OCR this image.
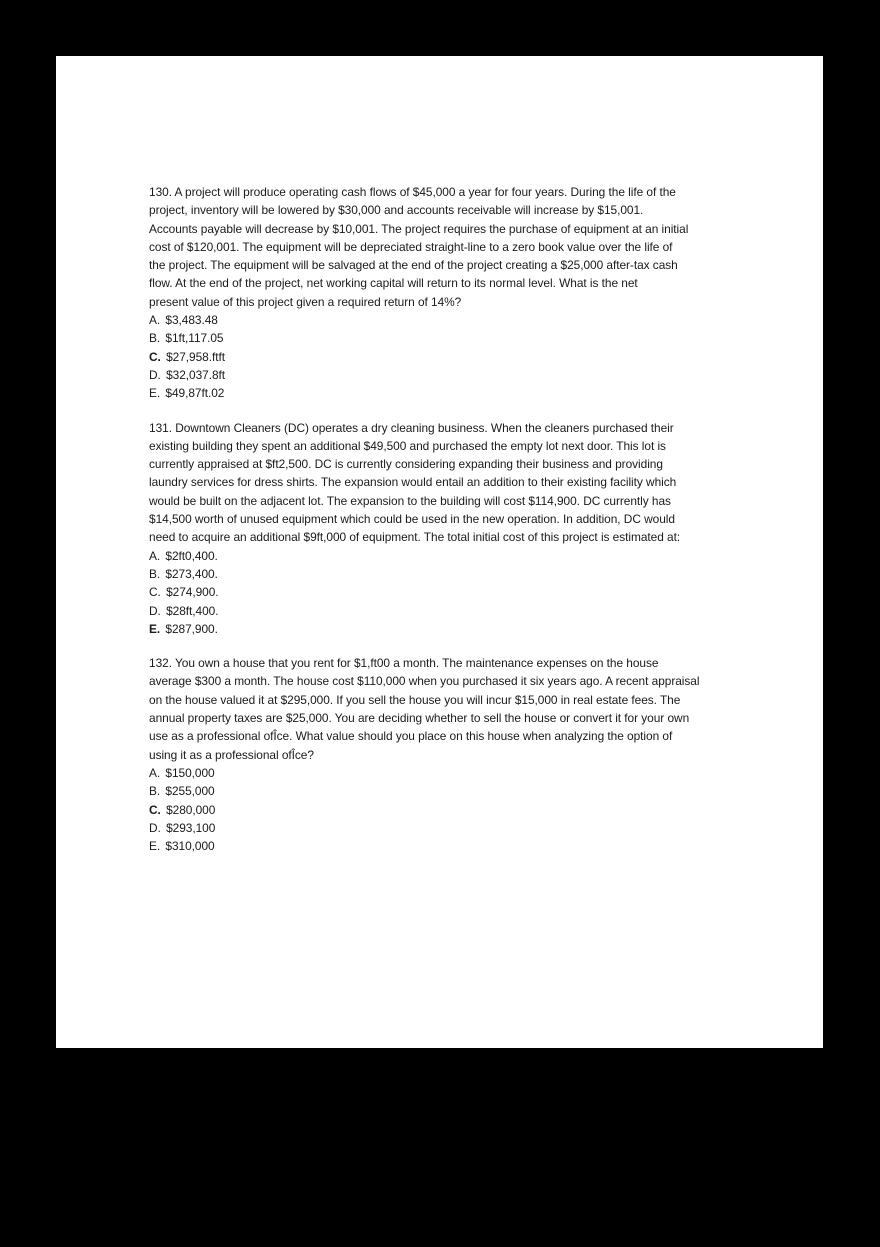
130. A project will produce operating cash flows of $45,000 a year for four years. During the life of the
project, inventory will be lowered by $30,000 and accounts receivable will increase by $15,001.
Accounts payable will decrease by $10,001. The project requires the purchase of equipment at an initial
cost of $120,001. The equipment will be depreciated straight-line to a zero book value over the life of
the project. The equipment will be salvaged at the end of the project creating a $25,000 after-tax cash
flow. At the end of the project, net working capital will return to its normal level. What is the net
present value of this project given a required return of 14%?
A. $3,483.48
B. $1ft,117.05
C. $27,958.ftft
D. $32,037.8ft
E. $49,87ft.02
131. Downtown Cleaners (DC) operates a dry cleaning business. When the cleaners purchased their
existing building they spent an additional $49,500 and purchased the empty lot next door. This lot is
currently appraised at $ft2,500. DC is currently considering expanding their business and providing
laundry services for dress shirts. The expansion would entail an addition to their existing facility which
would be built on the adjacent lot. The expansion to the building will cost $114,900. DC currently has
$14,500 worth of unused equipment which could be used in the new operation. In addition, DC would
need to acquire an additional $9ft,000 of equipment. The total initial cost of this project is estimated at:
A. $2ft0,400.
B. $273,400.
C. $274,900.
D. $28ft,400.
E. $287,900.
132. You own a house that you rent for $1,ft00 a month. The maintenance expenses on the house
average $300 a month. The house cost $110,000 when you purchased it six years ago. A recent appraisal
on the house valued it at $295,000. If you sell the house you will incur $15,000 in real estate fees. The
annual property taxes are $25,000. You are deciding whether to sell the house or convert it for your own
use as a professional ofÎce. What value should you place on this house when analyzing the option of
using it as a professional ofÎce?
A. $150,000
B. $255,000
C. $280,000
D. $293,100
E. $310,000
